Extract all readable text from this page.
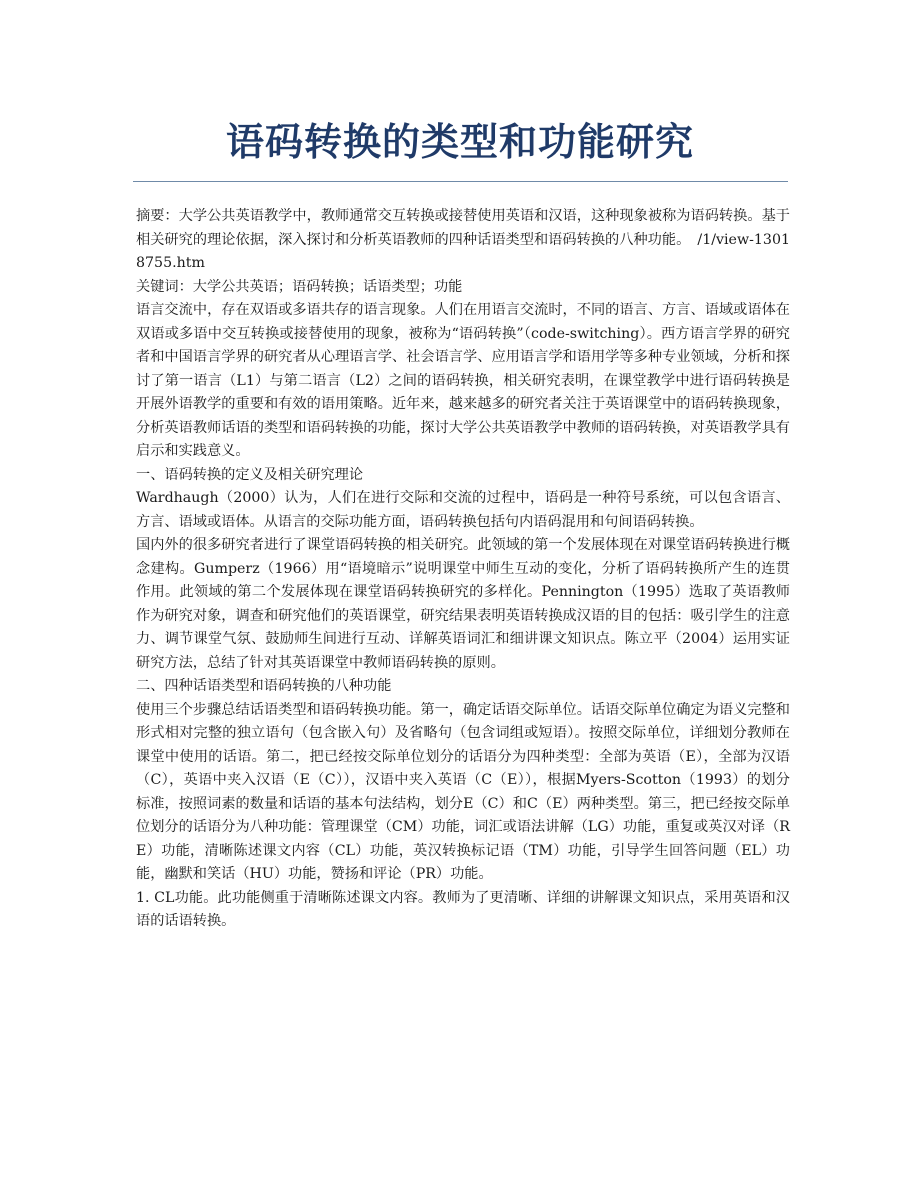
语码转换的类型和功能研究

摘要：大学公共英语教学中，教师通常交互转换或接替使用英语和汉语，这种现象被称为语码转换。基于相关研究的理论依据，深入探讨和分析英语教师的四种话语类型和语码转换的八种功能。　/1/view-13018755.htm

关键词：大学公共英语；语码转换；话语类型；功能

语言交流中，存在双语或多语共存的语言现象。人们在用语言交流时，不同的语言、方言、语域或语体在双语或多语中交互转换或接替使用的现象，被称为“语码转换”（code-switching）。西方语言学界的研究者和中国语言学界的研究者从心理语言学、社会语言学、应用语言学和语用学等多种专业领域，分析和探讨了第一语言（L1）与第二语言（L2）之间的语码转换，相关研究表明，在课堂教学中进行语码转换是开展外语教学的重要和有效的语用策略。近年来，越来越多的研究者关注于英语课堂中的语码转换现象，分析英语教师话语的类型和语码转换的功能，探讨大学公共英语教学中教师的语码转换，对英语教学具有启示和实践意义。

一、语码转换的定义及相关研究理论

Wardhaugh（2000）认为，人们在进行交际和交流的过程中，语码是一种符号系统，可以包含语言、方言、语域或语体。从语言的交际功能方面，语码转换包括句内语码混用和句间语码转换。

国内外的很多研究者进行了课堂语码转换的相关研究。此领域的第一个发展体现在对课堂语码转换进行概念建构。Gumperz（1966）用“语境暗示”说明课堂中师生互动的变化，分析了语码转换所产生的连贯作用。此领域的第二个发展体现在课堂语码转换研究的多样化。Pennington（1995）选取了英语教师作为研究对象，调查和研究他们的英语课堂，研究结果表明英语转换成汉语的目的包括：吸引学生的注意力、调节课堂气氛、鼓励师生间进行互动、详解英语词汇和细讲课文知识点。陈立平（2004）运用实证研究方法，总结了针对其英语课堂中教师语码转换的原则。

二、四种话语类型和语码转换的八种功能

使用三个步骤总结话语类型和语码转换功能。第一，确定话语交际单位。话语交际单位确定为语义完整和形式相对完整的独立语句（包含嵌入句）及省略句（包含词组或短语）。按照交际单位，详细划分教师在课堂中使用的话语。第二，把已经按交际单位划分的话语分为四种类型：全部为英语（E），全部为汉语（C），英语中夹入汉语（E（C）），汉语中夹入英语（C（E）），根据Myers-Scotton（1993）的划分标准，按照词素的数量和话语的基本句法结构，划分E（C）和C（E）两种类型。第三，把已经按交际单位划分的话语分为八种功能：管理课堂（CM）功能，词汇或语法讲解（LG）功能，重复或英汉对译（RE）功能，清晰陈述课文内容（CL）功能，英汉转换标记语（TM）功能，引导学生回答问题（EL）功能，幽默和笑话（HU）功能，赞扬和评论（PR）功能。

1. CL功能。此功能侧重于清晰陈述课文内容。教师为了更清晰、详细的讲解课文知识点，采用英语和汉语的话语转换。
